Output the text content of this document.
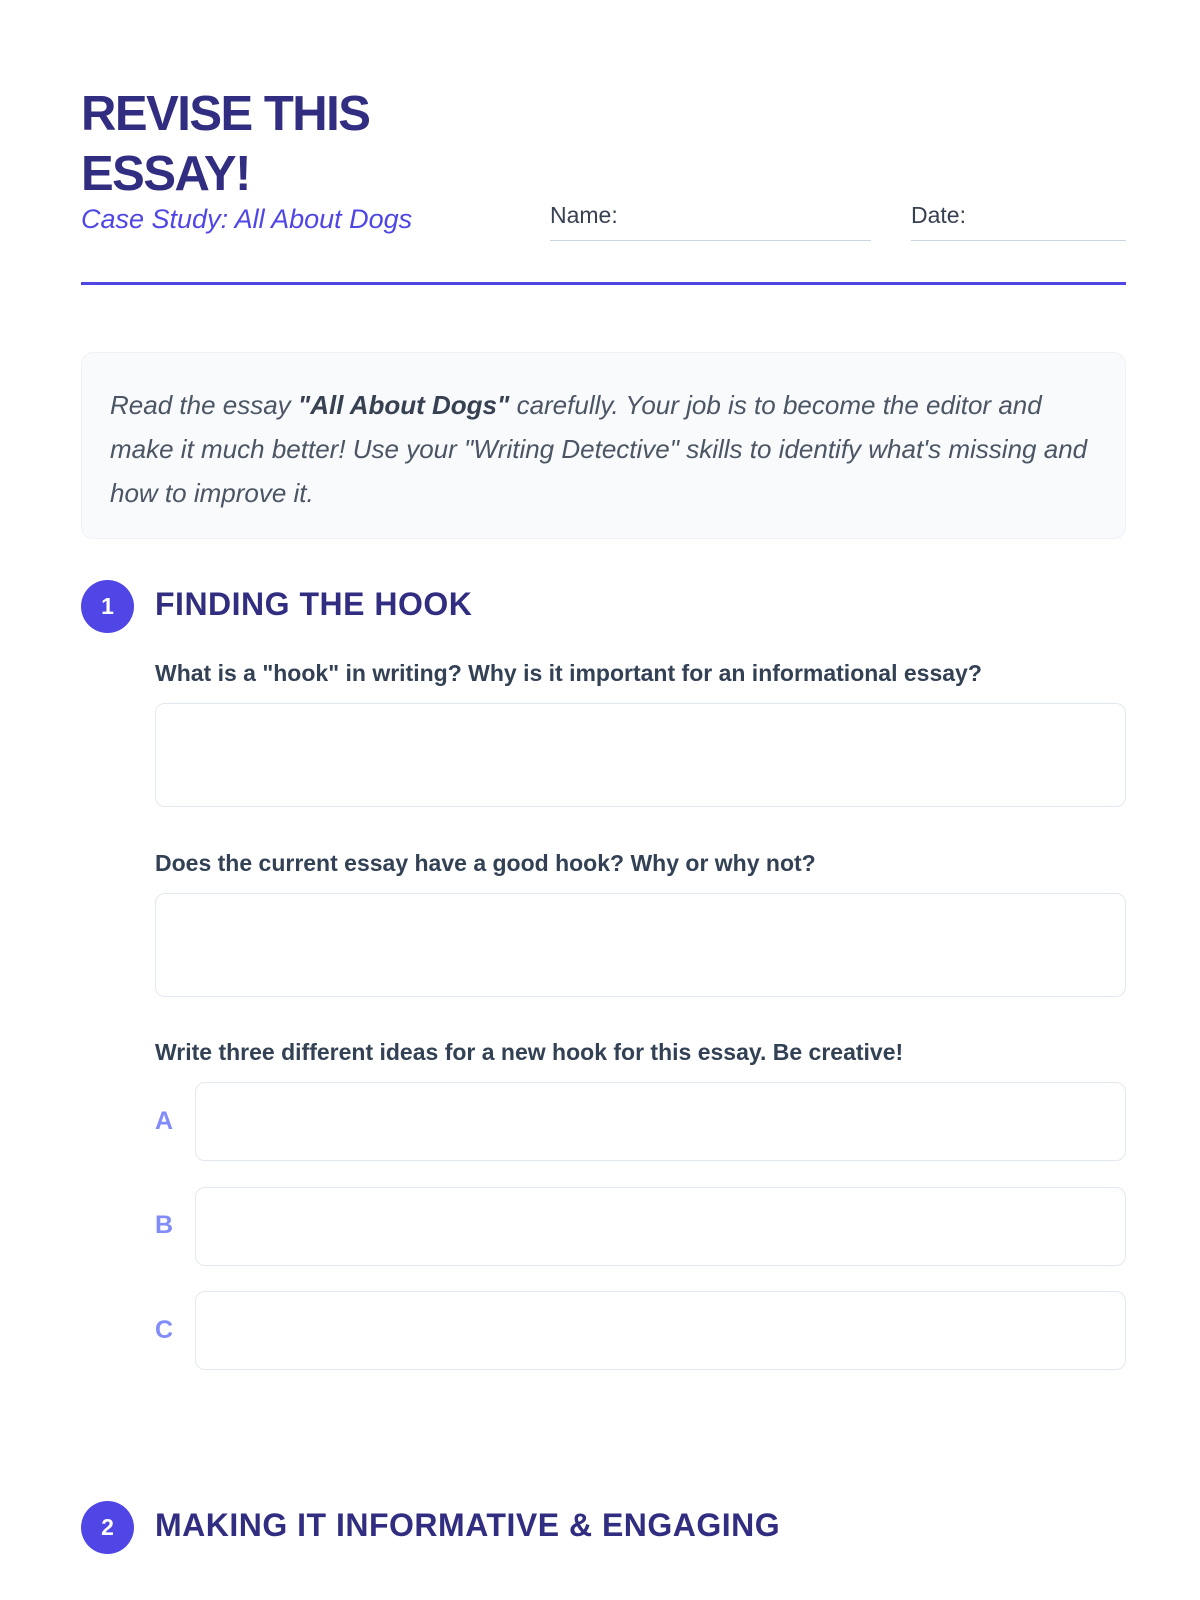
REVISE THIS ESSAY!

Case Study: All About Dogs	Name:	Date:
Read the essay "All About Dogs" carefully. Your job is to become the editor and make it much better! Use your "Writing Detective" skills to identify what's missing and how to improve it.
1	FINDING THE HOOK

What is a "hook" in writing? Why is it important for an informational essay?

Does the current essay have a good hook? Why or why not?

Write three different ideas for a new hook for this essay. Be creative!

A
B
C
2	MAKING IT INFORMATIVE & ENGAGING
